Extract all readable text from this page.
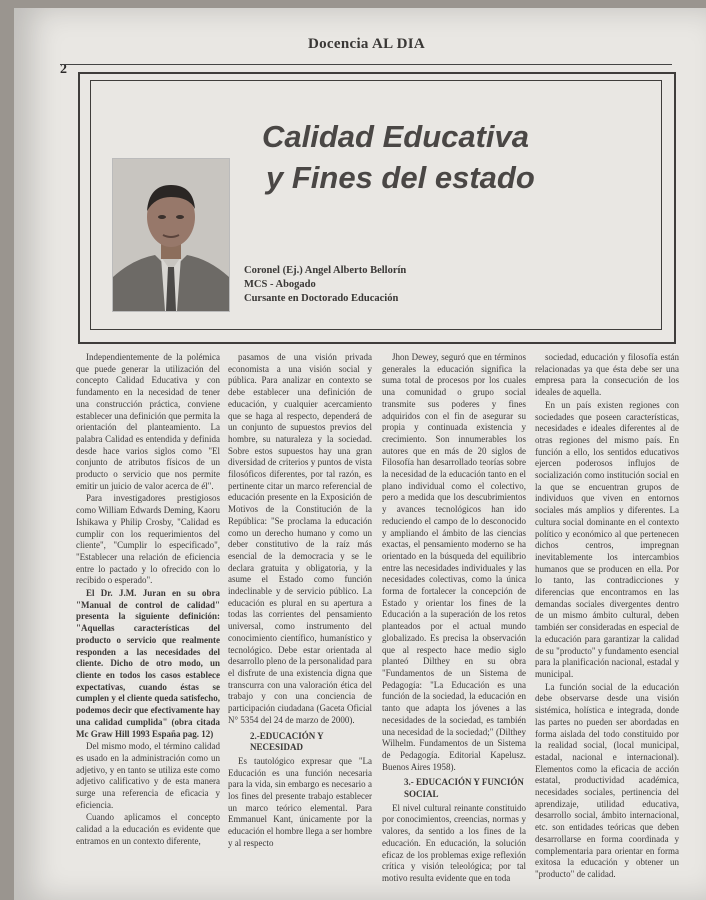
Docencia AL DIA
2
Calidad Educativa
y Fines del estado
Coronel (Ej.) Angel Alberto Bellorín
MCS - Abogado
Cursante en Doctorado Educación

Independientemente de la polémica que puede generar la utilización del concepto Calidad Educativa y con fundamento en la necesidad de tener una construcción práctica, conviene establecer una definición que permita la orientación del planteamiento. La palabra Calidad es entendida y definida desde hace varios siglos como "El conjunto de atributos físicos de un producto o servicio que nos permite emitir un juicio de valor acerca de él".

Para investigadores prestigiosos como William Edwards Deming, Kaoru Ishikawa y Philip Crosby, "Calidad es cumplir con los requerimientos del cliente", "Cumplir lo especificado", "Establecer una relación de eficiencia entre lo pactado y lo ofrecido con lo recibido o esperado".

El Dr. J.M. Juran en su obra "Manual de control de calidad" presenta la siguiente definición: "Aquellas características del producto o servicio que realmente responden a las necesidades del cliente. Dicho de otro modo, un cliente en todos los casos establece expectativas, cuando éstas se cumplen y el cliente queda satisfecho, podemos decir que efectivamente hay una calidad cumplida" (obra citada Mc Graw Hill 1993 España pag. 12)

Del mismo modo, el término calidad es usado en la administración como un adjetivo, y en tanto se utiliza este como adjetivo calificativo y de esta manera surge una referencia de eficacia y eficiencia.

Cuando aplicamos el concepto calidad a la educación es evidente que entramos en un contexto diferente,

pasamos de una visión privada economista a una visión social y pública. Para analizar en contexto se debe establecer una definición de educación, y cualquier acercamiento que se haga al respecto, dependerá de un conjunto de supuestos previos del hombre, su naturaleza y la sociedad. Sobre estos supuestos hay una gran diversidad de criterios y puntos de vista filosóficos diferentes, por tal razón, es pertinente citar un marco referencial de educación presente en la Exposición de Motivos de la Constitución de la República: "Se proclama la educación como un derecho humano y como un deber constitutivo de la raíz más esencial de la democracia y se le declara gratuita y obligatoria, y la asume el Estado como función indeclinable y de servicio público. La educación es plural en su apertura a todas las corrientes del pensamiento universal, como instrumento del conocimiento científico, humanístico y tecnológico. Debe estar orientada al desarrollo pleno de la personalidad para el disfrute de una existencia digna que transcurra con una valoración ética del trabajo y con una conciencia de participación ciudadana (Gaceta Oficial N° 5354 del 24 de marzo de 2000).

2.-EDUCACIÓN Y NECESIDAD

Es tautológico expresar que "La Educación es una función necesaria para la vida, sin embargo es necesario a los fines del presente trabajo establecer un marco teórico elemental. Para Emmanuel Kant, únicamente por la educación el hombre llega a ser hombre y al respecto

Jhon Dewey, seguró que en términos generales la educación significa la suma total de procesos por los cuales una comunidad o grupo social transmite sus poderes y fines adquiridos con el fin de asegurar su propia y continuada existencia y crecimiento. Son innumerables los autores que en más de 20 siglos de Filosofía han desarrollado teorías sobre la necesidad de la educación tanto en el plano individual como el colectivo, pero a medida que los descubrimientos y avances tecnológicos han ido reduciendo el campo de lo desconocido y ampliando el ámbito de las ciencias exactas, el pensamiento moderno se ha orientado en la búsqueda del equilibrio entre las necesidades individuales y las necesidades colectivas, como la única forma de fortalecer la concepción de Estado y orientar los fines de la Educación a la superación de los retos planteados por el actual mundo globalizado. Es precisa la observación que al respecto hace medio siglo planteó Dilthey en su obra "Fundamentos de un Sistema de Pedagogía: "La Educación es una función de la sociedad, la educación en tanto que adapta los jóvenes a las necesidades de la sociedad, es también una necesidad de la sociedad;" (Dilthey Wilhelm. Fundamentos de un Sistema de Pedagogía. Editorial Kapelusz. Buenos Aires 1958).

3.- EDUCACIÓN Y FUNCIÓN SOCIAL

El nivel cultural reinante constituido por conocimientos, creencias, normas y valores, da sentido a los fines de la educación. En educación, la solución eficaz de los problemas exige reflexión crítica y visión teleológica; por tal motivo resulta evidente que en toda

sociedad, educación y filosofía están relacionadas ya que ésta debe ser una empresa para la consecución de los ideales de aquella.

En un país existen regiones con sociedades que poseen características, necesidades e ideales diferentes al de otras regiones del mismo país. En función a ello, los sentidos educativos ejercen poderosos influjos de socialización como institución social en la que se encuentran grupos de individuos que viven en entornos sociales más amplios y diferentes. La cultura social dominante en el contexto político y económico al que pertenecen dichos centros, impregnan inevitablemente los intercambios humanos que se producen en ella. Por lo tanto, las contradicciones y diferencias que encontramos en las demandas sociales divergentes dentro de un mismo ámbito cultural, deben también ser consideradas en especial de la educación para garantizar la calidad de su "producto" y fundamento esencial para la planificación nacional, estadal y municipal.

La función social de la educación debe observarse desde una visión sistémica, holística e integrada, donde las partes no pueden ser abordadas en forma aislada del todo constituido por la realidad social, (local municipal, estadal, nacional e internacional). Elementos como la eficacia de acción estatal, productividad académica, necesidades sociales, pertinencia del aprendizaje, utilidad educativa, desarrollo social, ámbito internacional, etc. son entidades teóricas que deben desarrollarse en forma coordinada y complementaria para orientar en forma exitosa la educación y obtener un "producto" de calidad.
